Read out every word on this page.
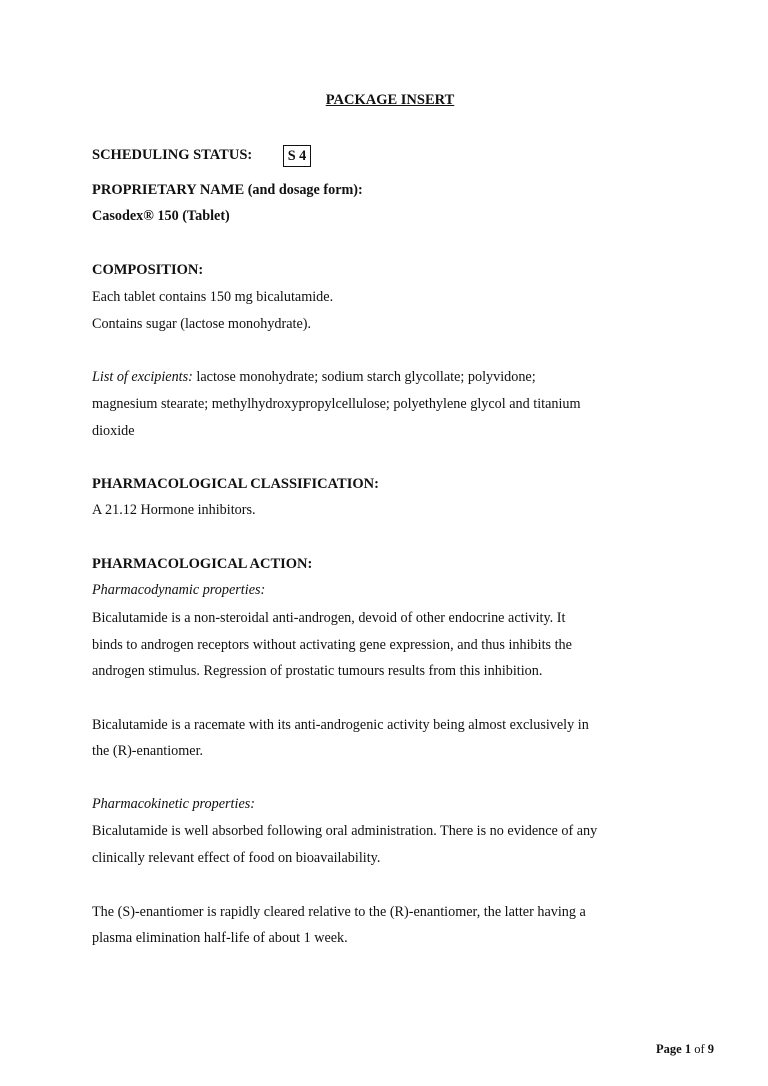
PACKAGE INSERT
SCHEDULING STATUS:	S 4
PROPRIETARY NAME (and dosage form):
Casodex® 150 (Tablet)
COMPOSITION:
Each tablet contains 150 mg bicalutamide.
Contains sugar (lactose monohydrate).
List of excipients: lactose monohydrate; sodium starch glycollate; polyvidone;
magnesium stearate; methylhydroxypropylcellulose; polyethylene glycol and titanium
dioxide
PHARMACOLOGICAL CLASSIFICATION:
A 21.12 Hormone inhibitors.
PHARMACOLOGICAL ACTION:
Pharmacodynamic properties:
Bicalutamide is a non-steroidal anti-androgen, devoid of other endocrine activity. It
binds to androgen receptors without activating gene expression, and thus inhibits the
androgen stimulus. Regression of prostatic tumours results from this inhibition.
Bicalutamide is a racemate with its anti-androgenic activity being almost exclusively in
the (R)-enantiomer.
Pharmacokinetic properties:
Bicalutamide is well absorbed following oral administration. There is no evidence of any
clinically relevant effect of food on bioavailability.
The (S)-enantiomer is rapidly cleared relative to the (R)-enantiomer, the latter having a
plasma elimination half-life of about 1 week.
Page 1 of 9
